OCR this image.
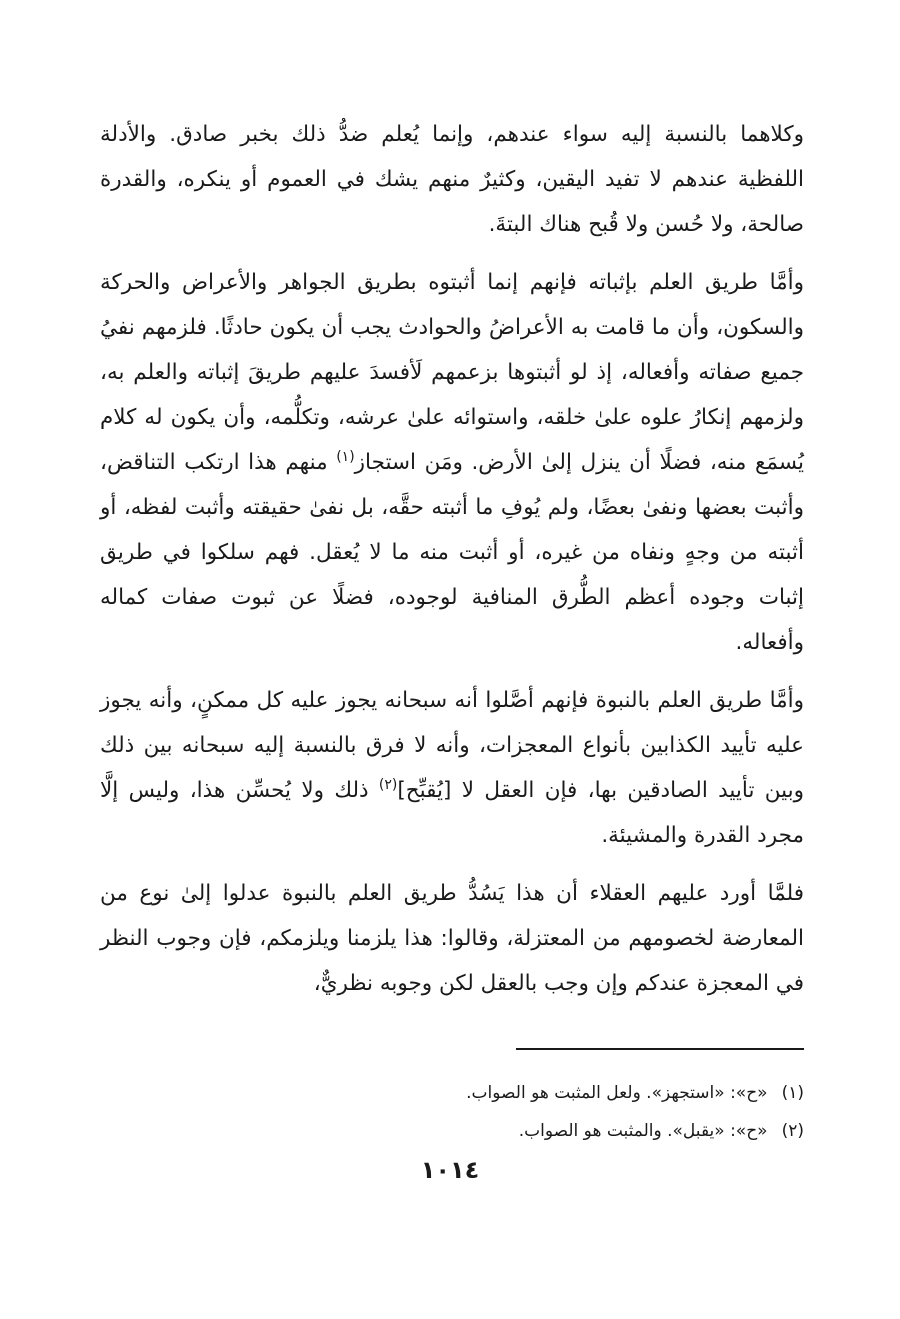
وكلاهما بالنسبة إليه سواء عندهم، وإنما يُعلم ضدُّ ذلك بخبر صادق. والأدلة اللفظية عندهم لا تفيد اليقين، وكثيرٌ منهم يشك في العموم أو ينكره، والقدرة صالحة، ولا حُسن ولا قُبح هناك البتةَ.

وأمَّا طريق العلم بإثباته فإنهم إنما أثبتوه بطريق الجواهر والأعراض والحركة والسكون، وأن ما قامت به الأعراضُ والحوادث يجب أن يكون حادثًا. فلزمهم نفيُ جميع صفاته وأفعاله، إذ لو أثبتوها بزعمهم لَأفسدَ عليهم طريقَ إثباته والعلم به، ولزمهم إنكارُ علوه علىٰ خلقه، واستوائه علىٰ عرشه، وتكلُّمه، وأن يكون له كلام يُسمَع منه، فضلًا أن ينزل إلىٰ الأرض. ومَن استجاز$^{(١)}$ منهم هذا ارتكب التناقض، وأثبت بعضها ونفىٰ بعضًا، ولم يُوفِ ما أثبته حقَّه، بل نفىٰ حقيقته وأثبت لفظه، أو أثبته من وجهٍ ونفاه من غيره، أو أثبت منه ما لا يُعقل. فهم سلكوا في طريق إثبات وجوده أعظم الطُّرق المنافية لوجوده، فضلًا عن ثبوت صفات كماله وأفعاله.

وأمَّا طريق العلم بالنبوة فإنهم أصَّلوا أنه سبحانه يجوز عليه كل ممكنٍ، وأنه يجوز عليه تأييد الكذابين بأنواع المعجزات، وأنه لا فرق بالنسبة إليه سبحانه بين ذلك وبين تأييد الصادقين بها، فإن العقل لا [يُقبِّح]$^{(٢)}$ ذلك ولا يُحسِّن هذا، وليس إلَّا مجرد القدرة والمشيئة.

فلمَّا أورد عليهم العقلاء أن هذا يَسُدُّ طريق العلم بالنبوة عدلوا إلىٰ نوع من المعارضة لخصومهم من المعتزلة، وقالوا: هذا يلزمنا ويلزمكم، فإن وجوب النظر في المعجزة عندكم وإن وجب بالعقل لكن وجوبه نظريٌّ،

(١)«ح»: «استجهز». ولعل المثبت هو الصواب.

(٢)«ح»: «يقبل». والمثبت هو الصواب.

١٠١٤
